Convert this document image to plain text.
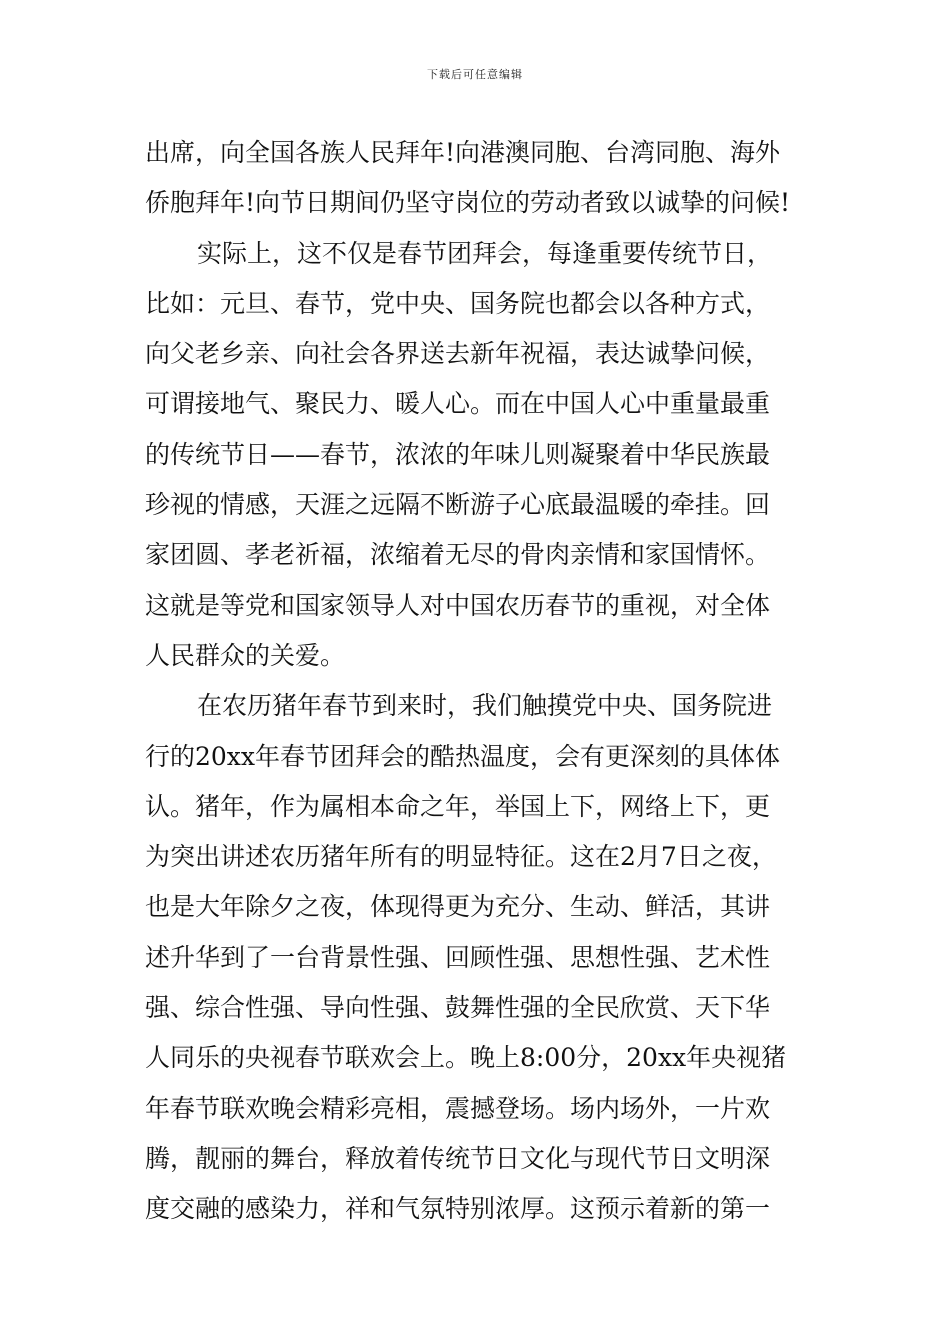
下载后可任意编辑
出席，向全国各族人民拜年!向港澳同胞、台湾同胞、海外
侨胞拜年!向节日期间仍坚守岗位的劳动者致以诚挚的问候!
实际上，这不仅是春节团拜会，每逢重要传统节日，
比如：元旦、春节，党中央、国务院也都会以各种方式，
向父老乡亲、向社会各界送去新年祝福，表达诚挚问候，
可谓接地气、聚民力、暖人心。而在中国人心中重量最重
的传统节日——春节，浓浓的年味儿则凝聚着中华民族最
珍视的情感，天涯之远隔不断游子心底最温暖的牵挂。回
家团圆、孝老祈福，浓缩着无尽的骨肉亲情和家国情怀。
这就是等党和国家领导人对中国农历春节的重视，对全体
人民群众的关爱。
在农历猪年春节到来时，我们触摸党中央、国务院进
行的20xx年春节团拜会的酷热温度，会有更深刻的具体体
认。猪年，作为属相本命之年，举国上下，网络上下，更
为突出讲述农历猪年所有的明显特征。这在2月7日之夜，
也是大年除夕之夜，体现得更为充分、生动、鲜活，其讲
述升华到了一台背景性强、回顾性强、思想性强、艺术性
强、综合性强、导向性强、鼓舞性强的全民欣赏、天下华
人同乐的央视春节联欢会上。晚上8:00分，20xx年央视猪
年春节联欢晚会精彩亮相，震撼登场。场内场外，一片欢
腾，靓丽的舞台，释放着传统节日文化与现代节日文明深
度交融的感染力，祥和气氛特别浓厚。这预示着新的第一
